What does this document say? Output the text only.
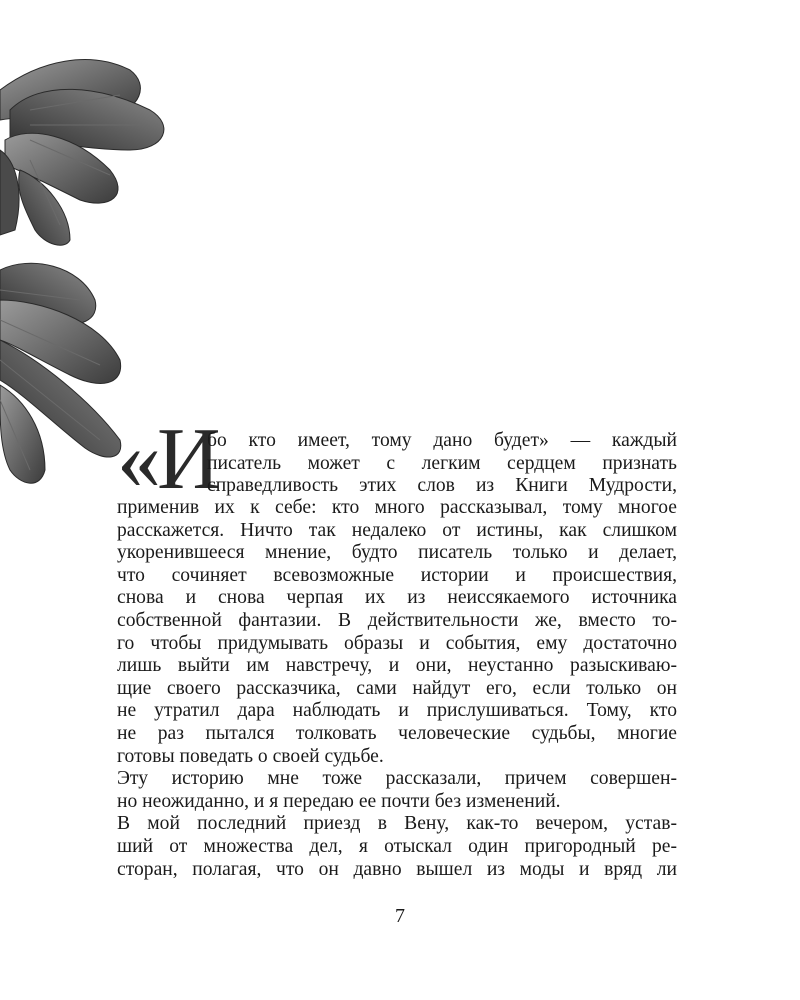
«И
бо кто имеет, тому дано будет» — каждый
писатель может с легким сердцем признать
справедливость этих слов из Книги Мудрости,
применив их к себе: кто много рассказывал, тому многое
расскажется. Ничто так недалеко от истины, как слишком
укоренившееся мнение, будто писатель только и делает,
что сочиняет всевозможные истории и происшествия,
снова и снова черпая их из неиссякаемого источника
собственной фантазии. В действительности же, вместо то-
го чтобы придумывать образы и события, ему достаточно
лишь выйти им навстречу, и они, неустанно разыскиваю-
щие своего рассказчика, сами найдут его, если только он
не утратил дара наблюдать и прислушиваться. Тому, кто
не раз пытался толковать человеческие судьбы, многие
готовы поведать о своей судьбе.
Эту историю мне тоже рассказали, причем совершен-
но неожиданно, и я передаю ее почти без изменений.
В мой последний приезд в Вену, как-то вечером, устав-
ший от множества дел, я отыскал один пригородный ре-
сторан, полагая, что он давно вышел из моды и вряд ли
7
